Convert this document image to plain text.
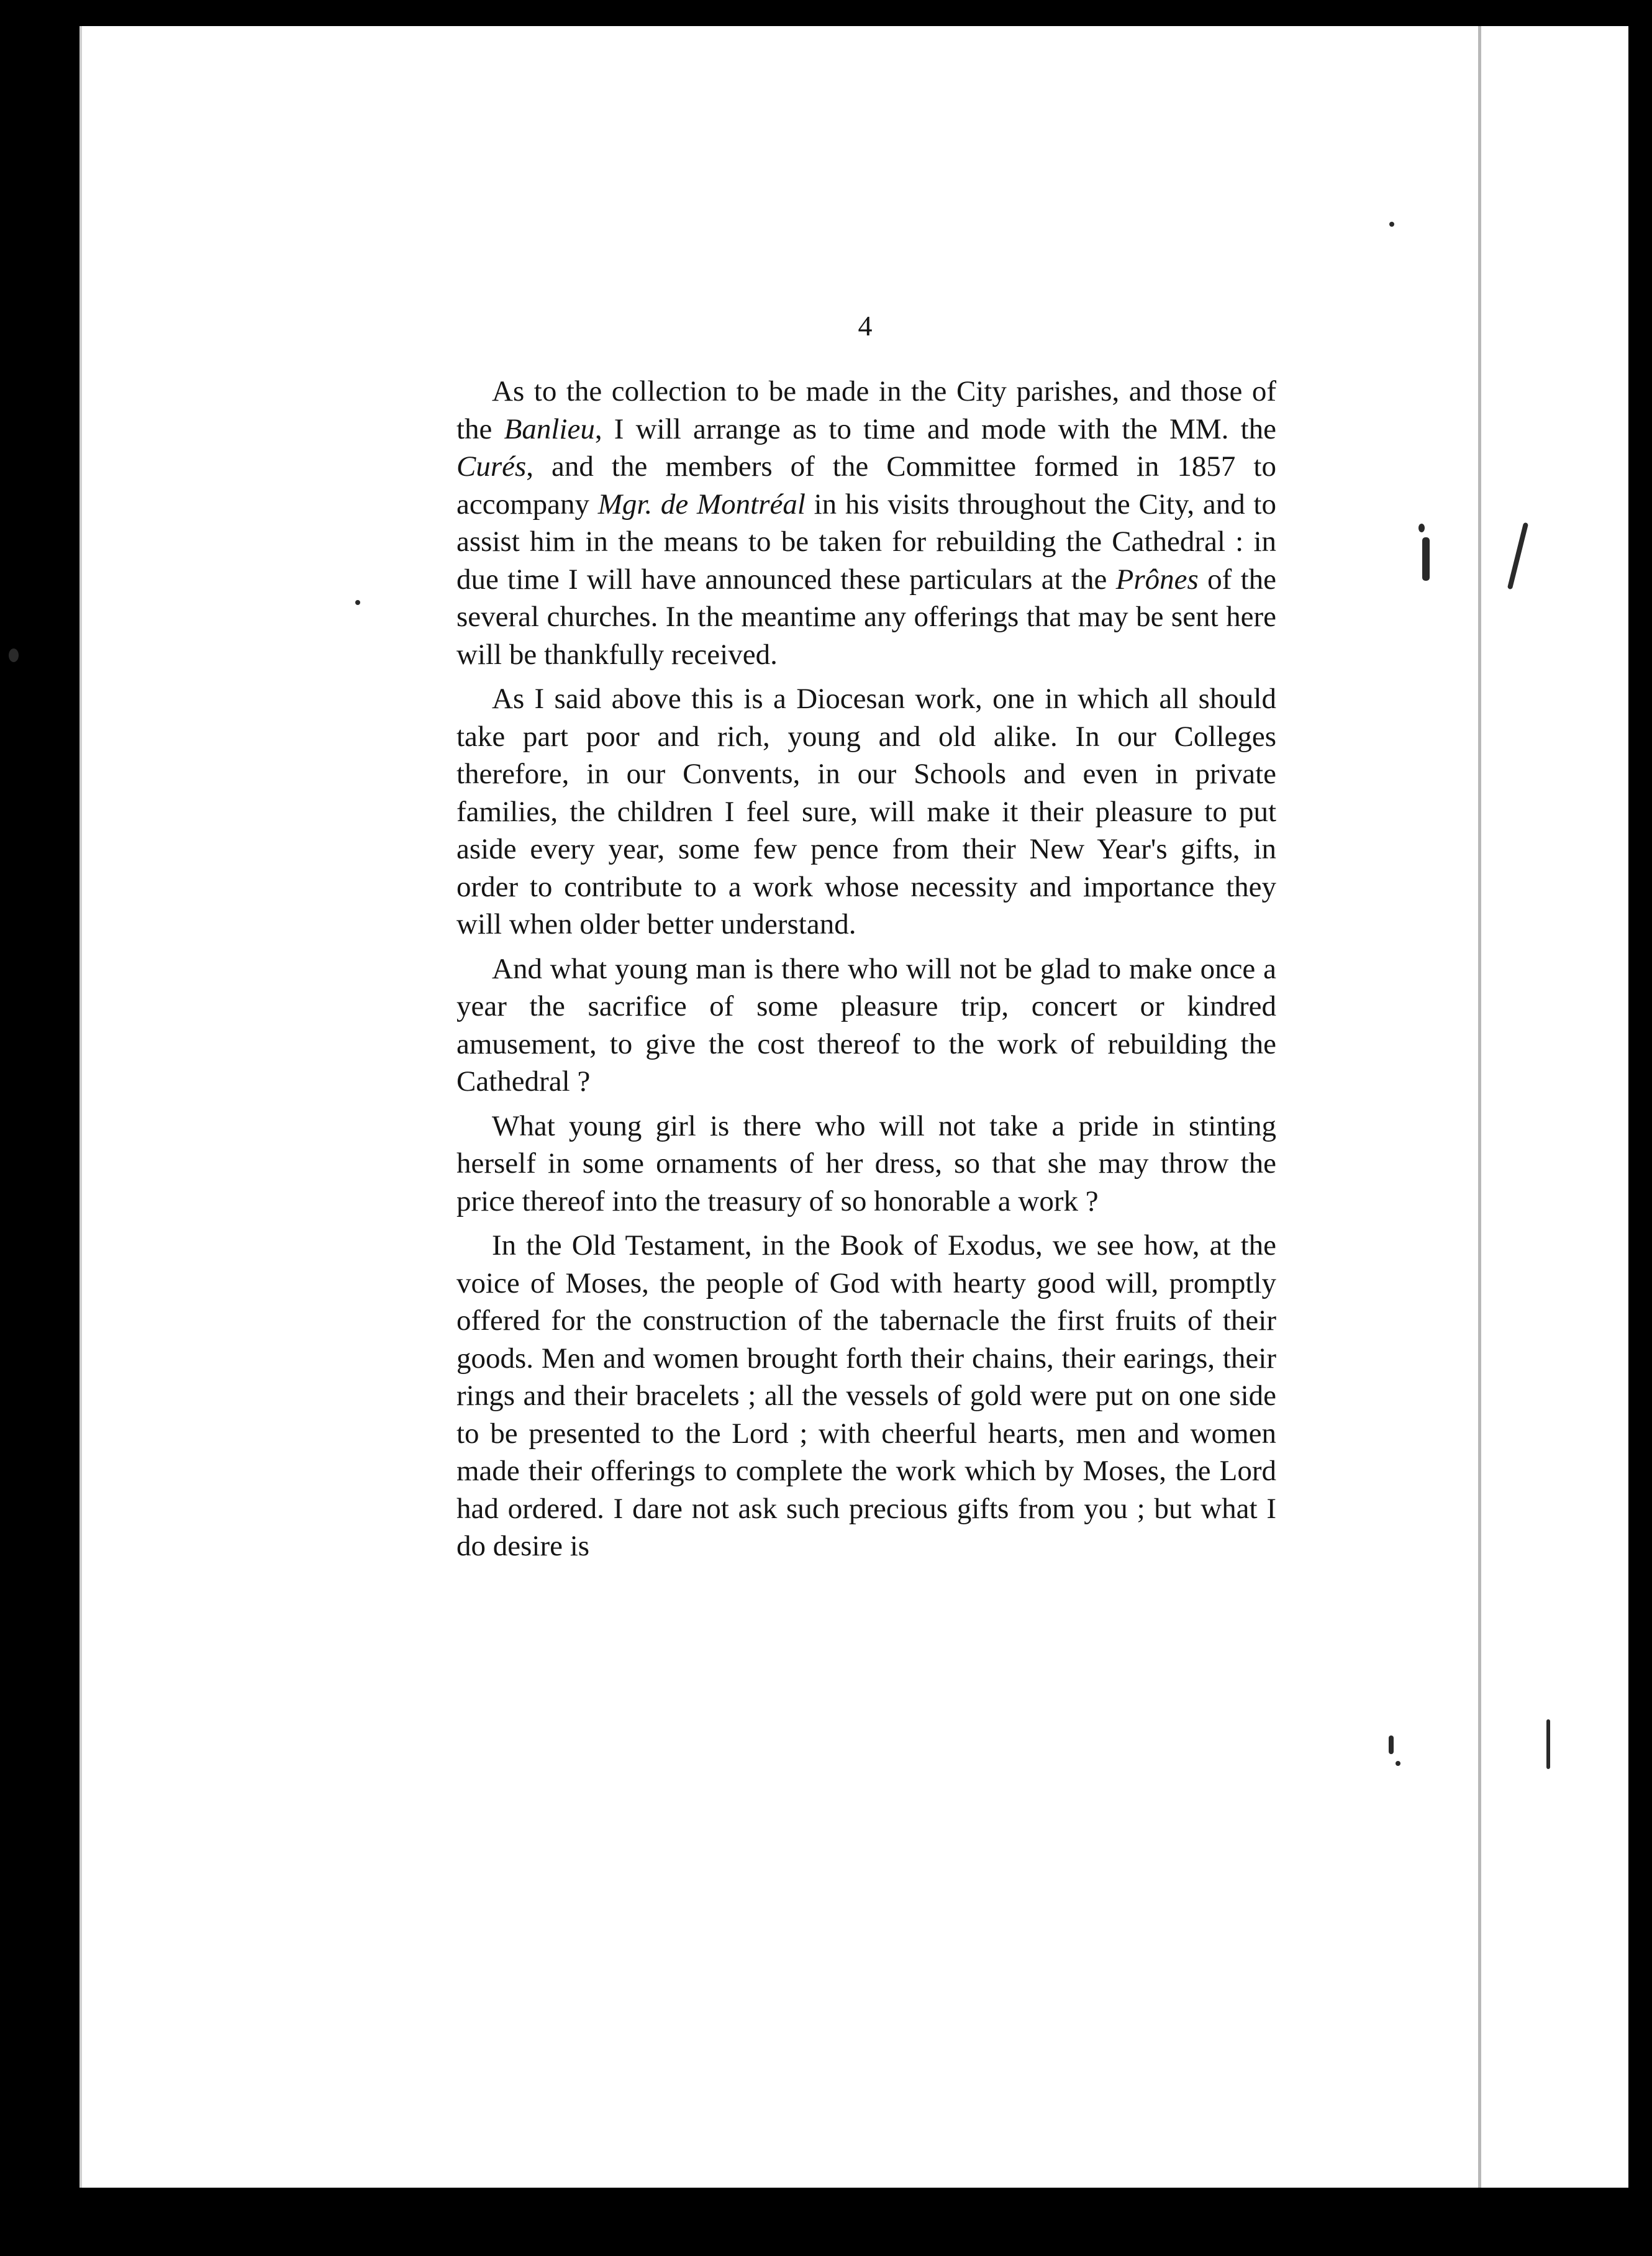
4

As to the collection to be made in the City parishes, and those of the Banlieu, I will arrange as to time and mode with the MM. the Curés, and the members of the Committee formed in 1857 to accompany Mgr. de Montréal in his visits throughout the City, and to assist him in the means to be taken for rebuilding the Cathedral : in due time I will have announced these particulars at the Prônes of the several churches. In the meantime any offerings that may be sent here will be thankfully received.

As I said above this is a Diocesan work, one in which all should take part poor and rich, young and old alike. In our Colleges therefore, in our Convents, in our Schools and even in private families, the children I feel sure, will make it their pleasure to put aside every year, some few pence from their New Year's gifts, in order to contribute to a work whose necessity and importance they will when older better understand.

And what young man is there who will not be glad to make once a year the sacrifice of some pleasure trip, concert or kindred amusement, to give the cost thereof to the work of rebuilding the Cathedral ?

What young girl is there who will not take a pride in stinting herself in some ornaments of her dress, so that she may throw the price thereof into the treasury of so honorable a work ?

In the Old Testament, in the Book of Exodus, we see how, at the voice of Moses, the people of God with hearty good will, promptly offered for the construction of the tabernacle the first fruits of their goods. Men and women brought forth their chains, their earings, their rings and their bracelets ; all the vessels of gold were put on one side to be presented to the Lord ; with cheerful hearts, men and women made their offerings to complete the work which by Moses, the Lord had ordered. I dare not ask such precious gifts from you ; but what I do desire is
